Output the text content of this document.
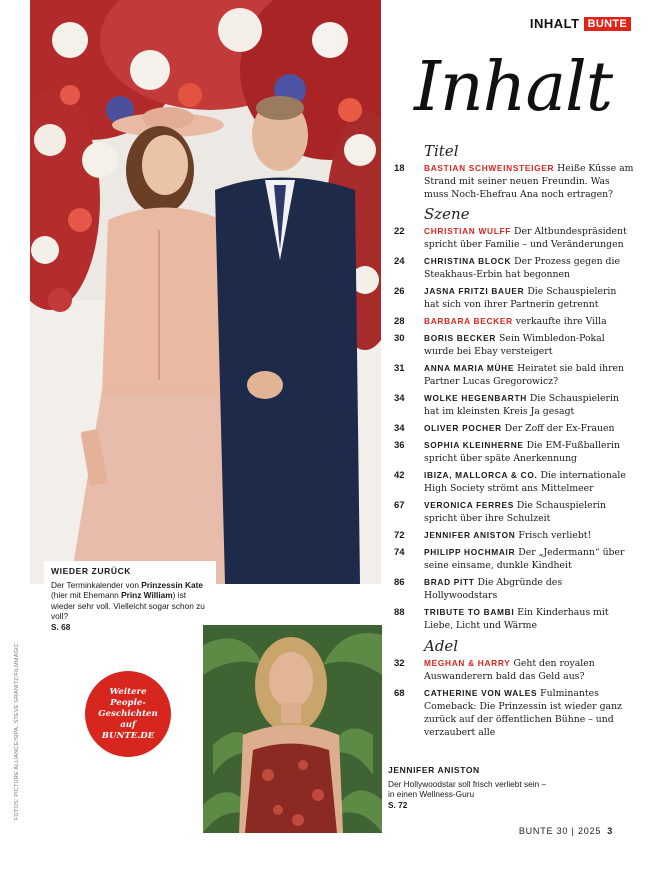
INHALT BUNTE
Inhalt
WIEDER ZURÜCK
Der Terminkalender von Prinzessin Kate (hier mit Ehemann Prinz William) ist wieder sehr voll. Vielleicht sogar schon zu voll?
S. 68
FOTOS: PICTURE ALLIANCE/SIPA, STEVE GRANITZ/FILMMAGIC	Weitere People-Geschichten auf BUNTE.DE
JENNIFER ANISTON
Der Hollywoodstar soll frisch verliebt sein – in einen Wellness-Guru
S. 72
Titel
18	BASTIAN SCHWEINSTEIGER Heiße Küsse am Strand mit seiner neuen Freundin. Was muss Noch-Ehefrau Ana noch ertragen?
Szene
22	CHRISTIAN WULFF Der Altbundespräsident spricht über Familie – und Veränderungen
24	CHRISTINA BLOCK Der Prozess gegen die Steakhaus-Erbin hat begonnen
26	JASNA FRITZI BAUER Die Schauspielerin hat sich von ihrer Partnerin getrennt
28	BARBARA BECKER verkaufte ihre Villa
30	BORIS BECKER Sein Wimbledon-Pokal wurde bei Ebay versteigert
31	ANNA MARIA MÜHE Heiratet sie bald ihren Partner Lucas Gregorowicz?
34	WOLKE HEGENBARTH Die Schauspielerin hat im kleinsten Kreis Ja gesagt
34	OLIVER POCHER Der Zoff der Ex-Frauen
36	SOPHIA KLEINHERNE Die EM-Fußballerin spricht über späte Anerkennung
42	IBIZA, MALLORCA & CO. Die internationale High Society strömt ans Mittelmeer
67	VERONICA FERRES Die Schauspielerin spricht über ihre Schulzeit
72	JENNIFER ANISTON Frisch verliebt!
74	PHILIPP HOCHMAIR Der „Jedermann“ über seine einsame, dunkle Kindheit
86	BRAD PITT Die Abgründe des Hollywoodstars
88	TRIBUTE TO BAMBI Ein Kinderhaus mit Liebe, Licht und Wärme
Adel
32	MEGHAN & HARRY Geht den royalen Auswanderern bald das Geld aus?
68	CATHERINE VON WALES Fulminantes Comeback: Die Prinzessin ist wieder ganz zurück auf der öffentlichen Bühne – und verzaubert alle
BUNTE 30 | 2025 3
